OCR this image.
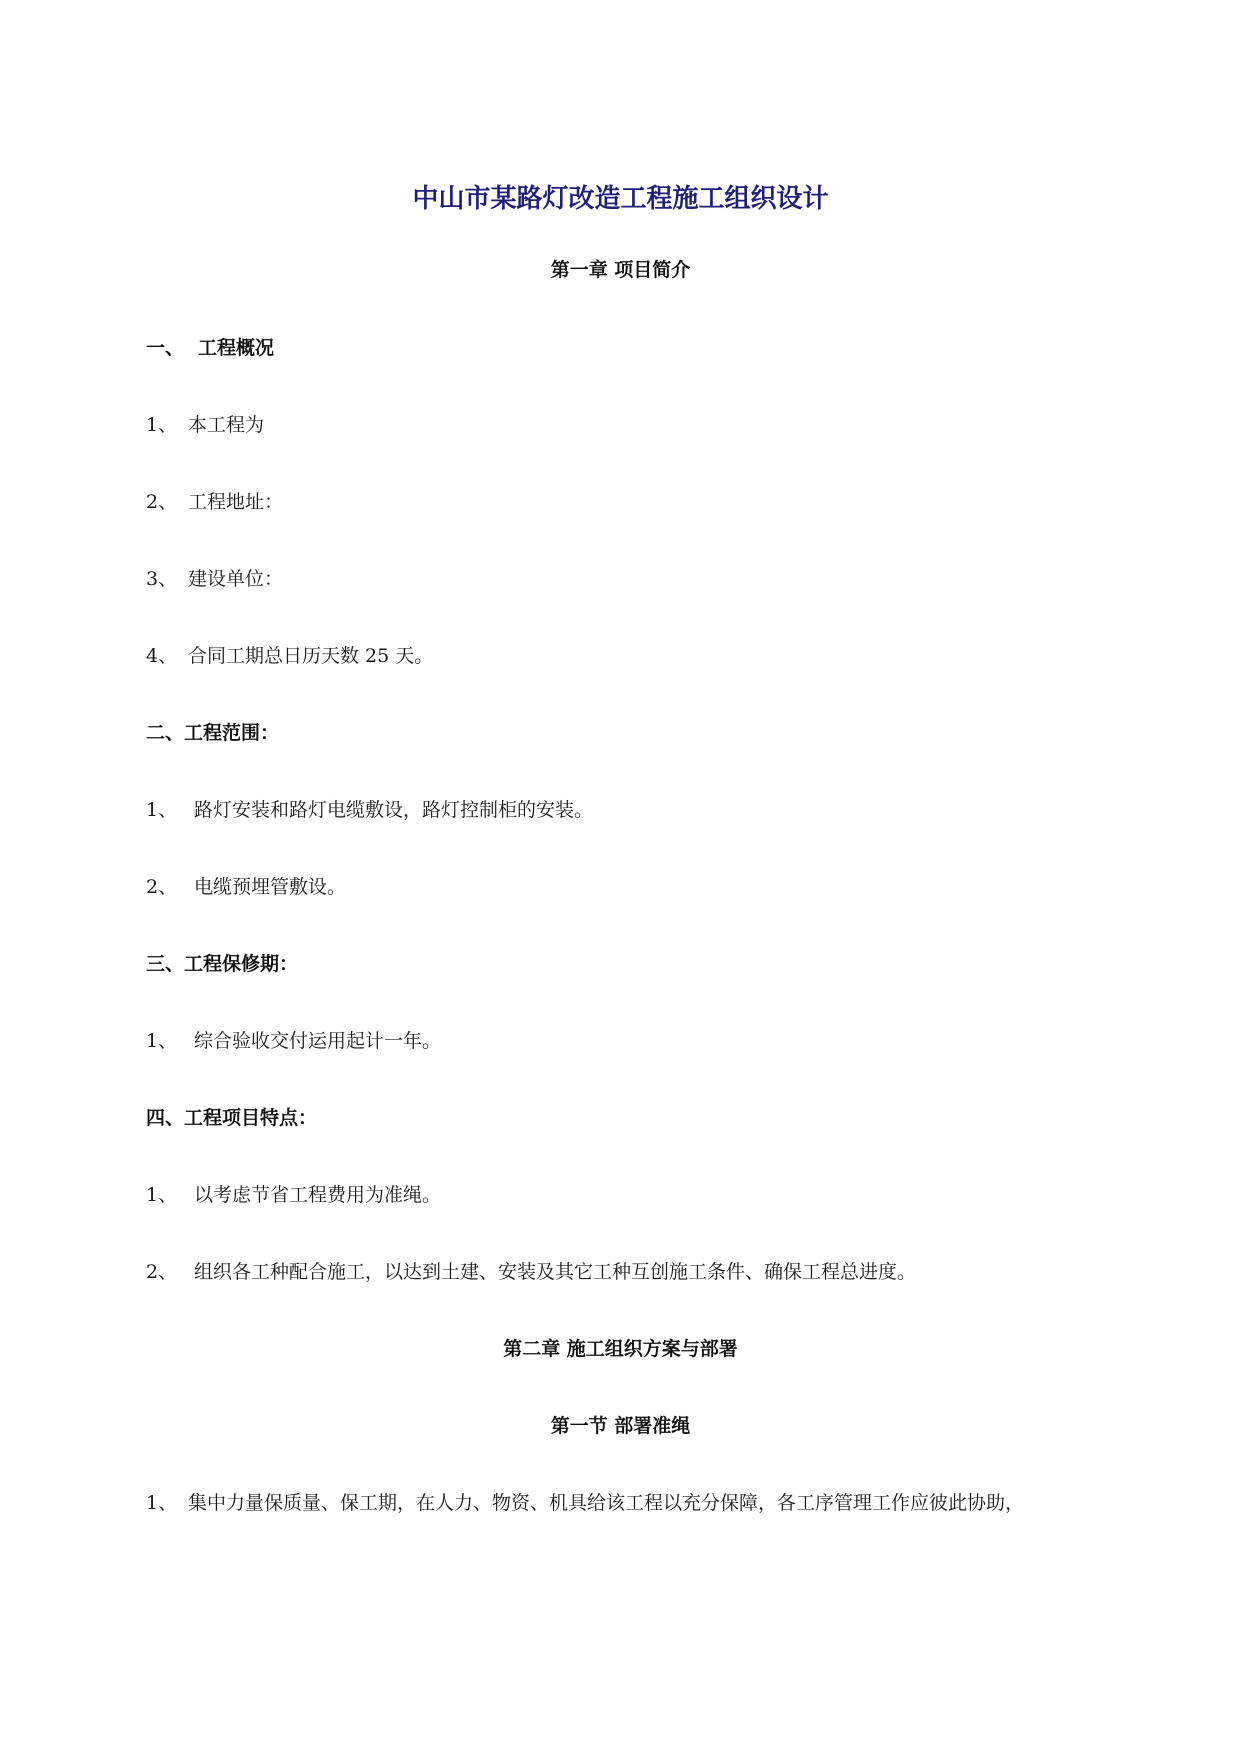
中山市某路灯改造工程施工组织设计
第一章 项目简介
一、 工程概况
1、 本工程为
2、 工程地址：
3、 建设单位：
4、 合同工期总日历天数 25 天。
二、工程范围：
1、 路灯安装和路灯电缆敷设，路灯控制柜的安装。
2、 电缆预埋管敷设。
三、工程保修期：
1、 综合验收交付运用起计一年。
四、工程项目特点：
1、 以考虑节省工程费用为准绳。
2、 组织各工种配合施工，以达到土建、安装及其它工种互创施工条件、确保工程总进度。
第二章 施工组织方案与部署
第一节 部署准绳
1、 集中力量保质量、保工期，在人力、物资、机具给该工程以充分保障，各工序管理工作应彼此协助，
